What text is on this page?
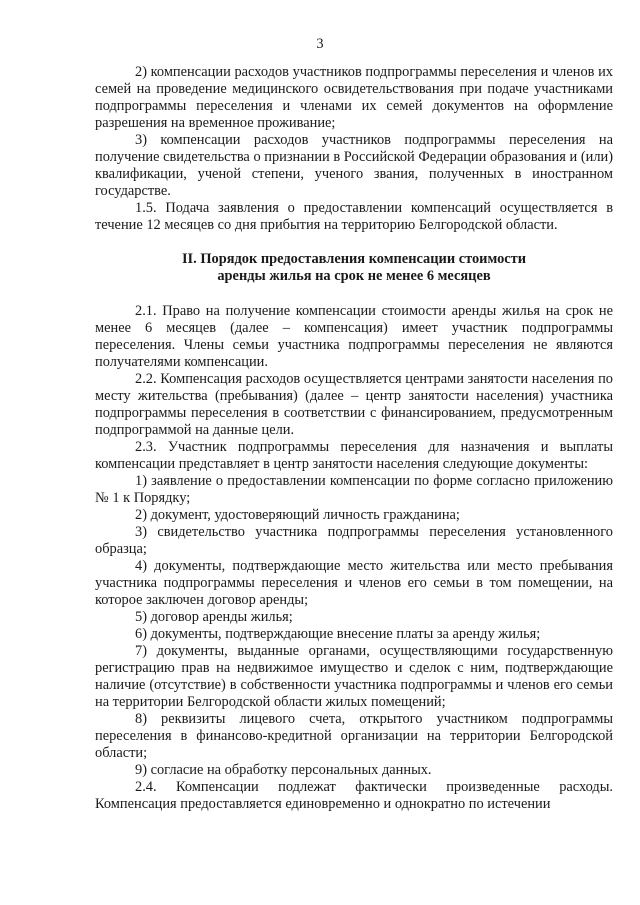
3

2) компенсации расходов участников подпрограммы переселения и членов их семей на проведение медицинского освидетельствования при подаче участниками подпрограммы переселения и членами их семей документов на оформление разрешения на временное проживание;

3) компенсации расходов участников подпрограммы переселения на получение свидетельства о признании в Российской Федерации образования и (или) квалификации, ученой степени, ученого звания, полученных в иностранном государстве.

1.5. Подача заявления о предоставлении компенсаций осуществляется в течение 12 месяцев со дня прибытия на территорию Белгородской области.

II. Порядок предоставления компенсации стоимости
аренды жилья на срок не менее 6 месяцев

2.1. Право на получение компенсации стоимости аренды жилья на срок не менее 6 месяцев (далее – компенсация) имеет участник подпрограммы переселения. Члены семьи участника подпрограммы переселения не являются получателями компенсации.

2.2. Компенсация расходов осуществляется центрами занятости населения по месту жительства (пребывания) (далее – центр занятости населения) участника подпрограммы переселения в соответствии с финансированием, предусмотренным подпрограммой на данные цели.

2.3. Участник подпрограммы переселения для назначения и выплаты компенсации представляет в центр занятости населения следующие документы:

1) заявление о предоставлении компенсации по форме согласно приложению № 1 к Порядку;

2) документ, удостоверяющий личность гражданина;

3) свидетельство участника подпрограммы переселения установленного образца;

4) документы, подтверждающие место жительства или место пребывания участника подпрограммы переселения и членов его семьи в том помещении, на которое заключен договор аренды;

5) договор аренды жилья;

6) документы, подтверждающие внесение платы за аренду жилья;

7) документы, выданные органами, осуществляющими государственную регистрацию прав на недвижимое имущество и сделок с ним, подтверждающие наличие (отсутствие) в собственности участника подпрограммы и членов его семьи на территории Белгородской области жилых помещений;

8) реквизиты лицевого счета, открытого участником подпрограммы переселения в финансово-кредитной организации на территории Белгородской области;

9) согласие на обработку персональных данных.

2.4. Компенсации подлежат фактически произведенные расходы. Компенсация предоставляется единовременно и однократно по истечении
